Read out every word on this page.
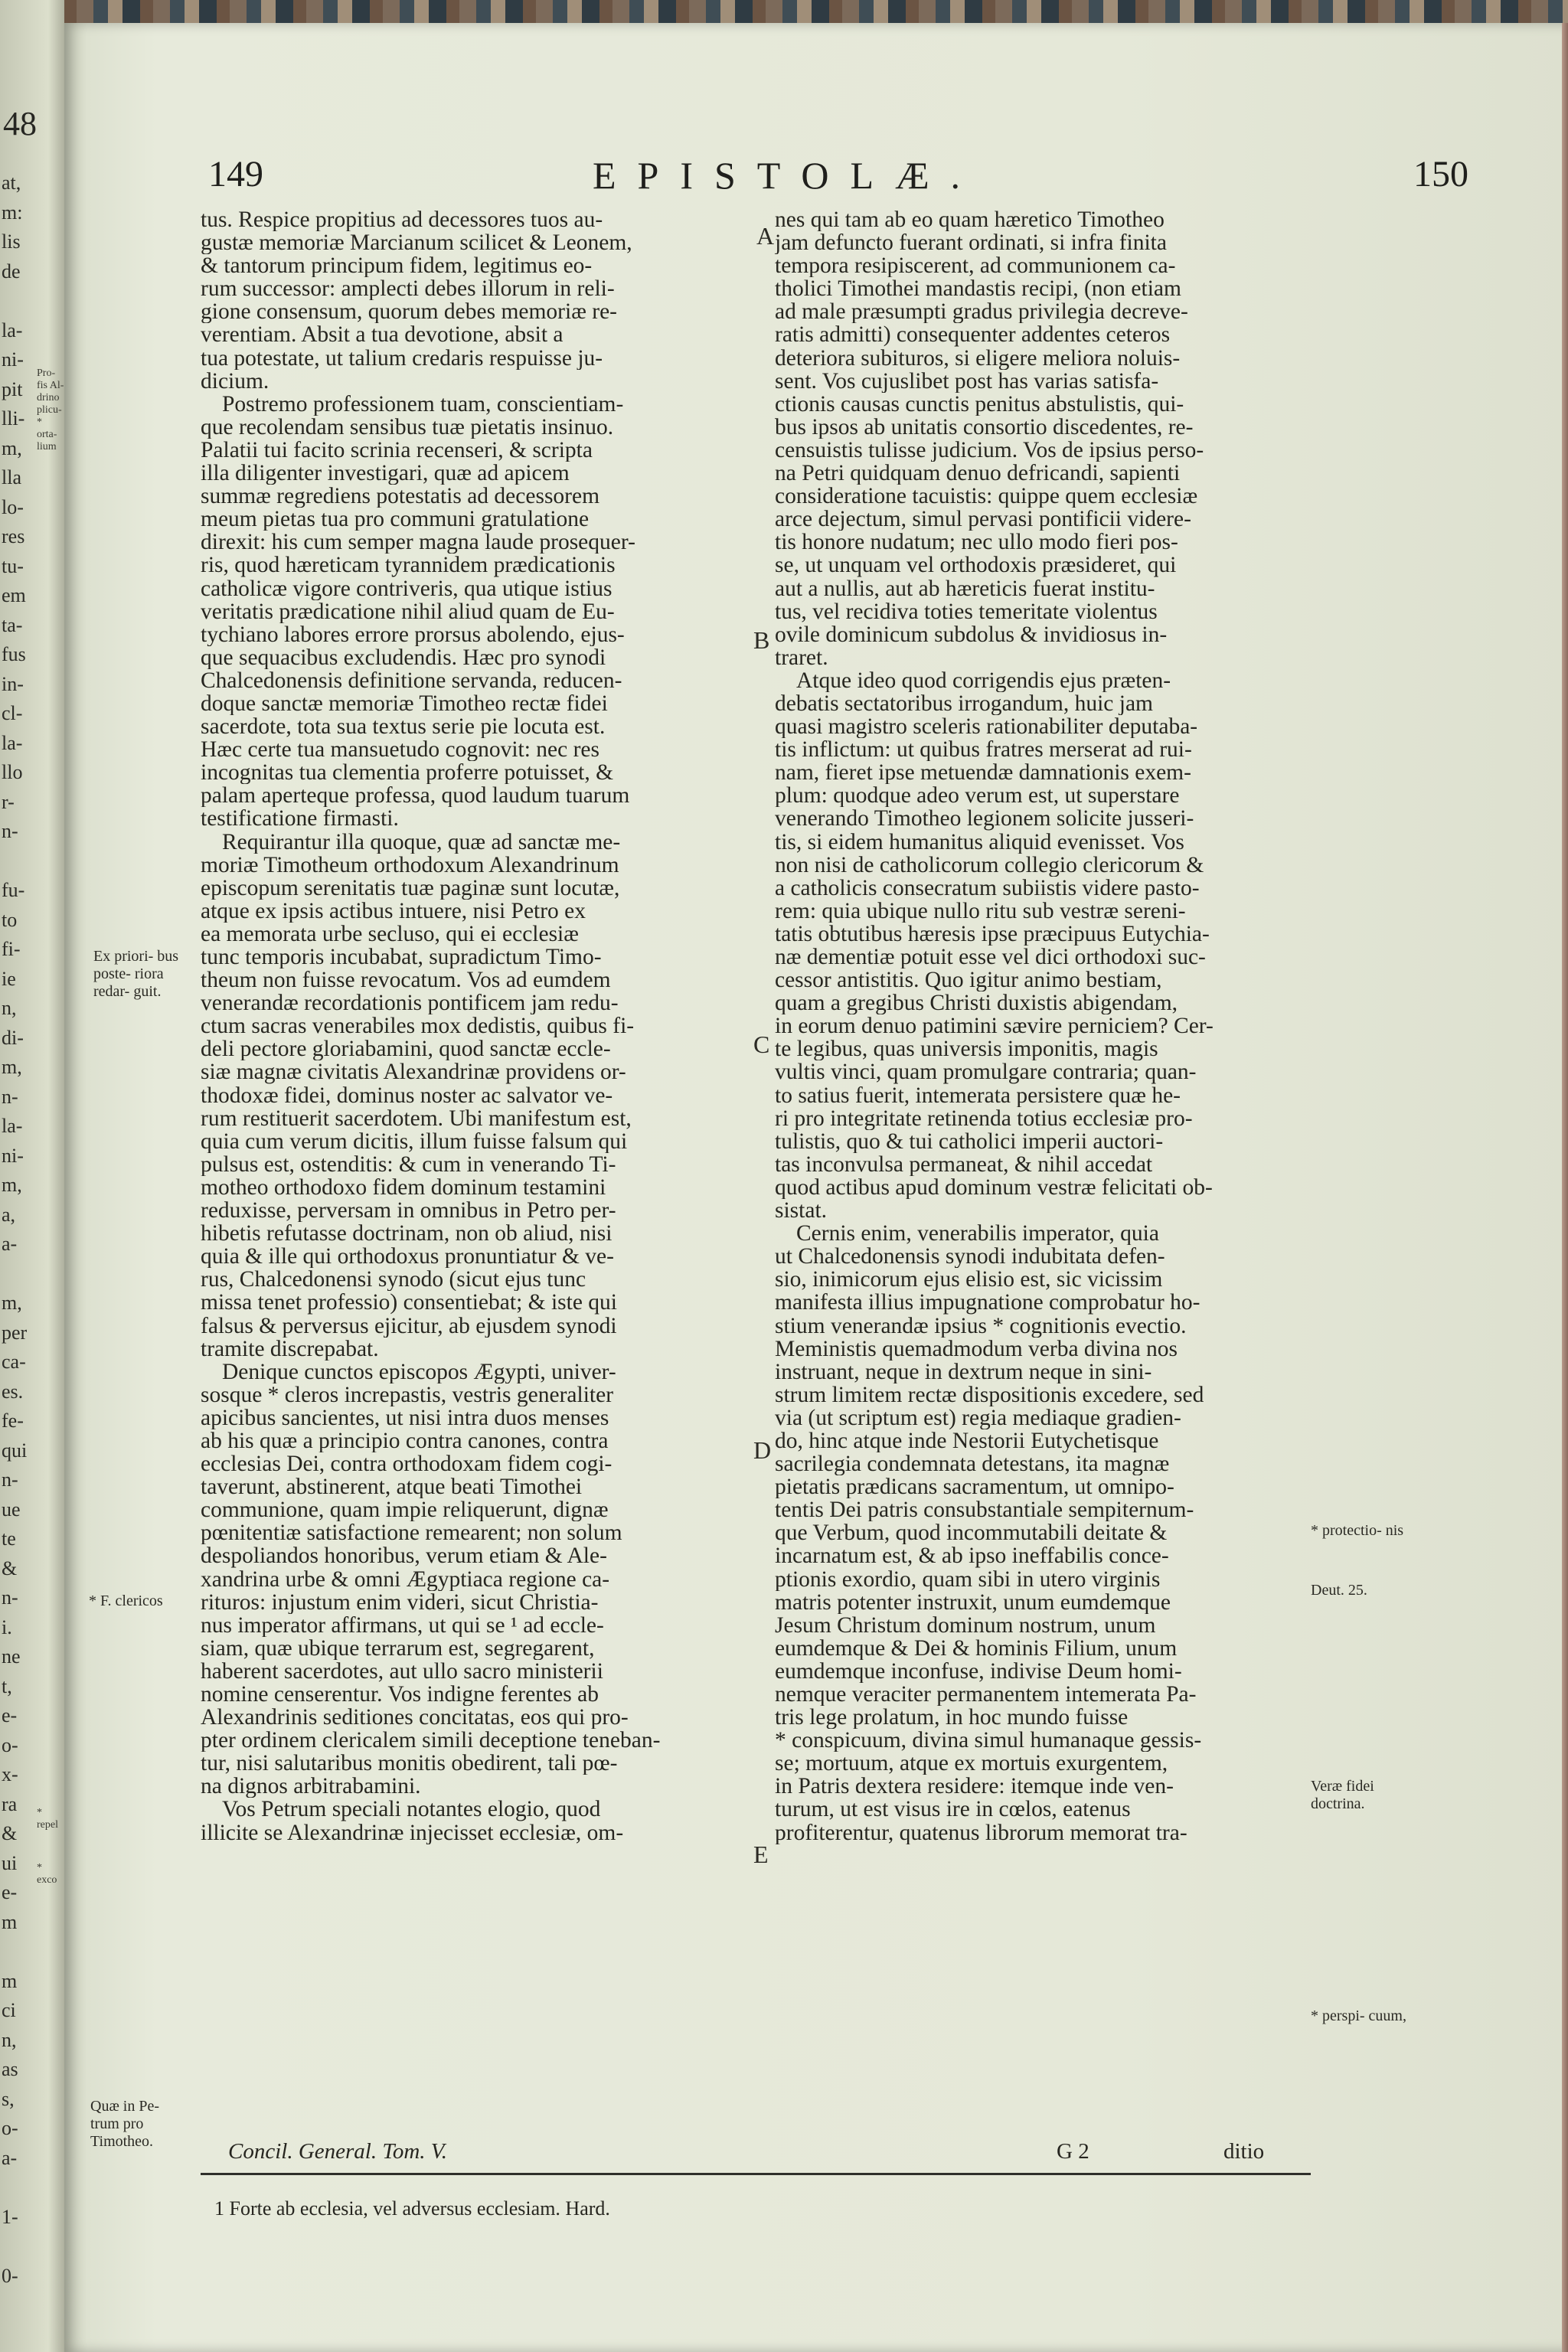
48
at,
m:
lis
de
la-
ni-
pit
lli-
m,
lla
lo-
res
tu-
em
ta-
fus
in-
cl-
la-
llo
r-
n-
fu-
to
fi-
ie
n,
di-
m,
n-
la-
ni-
m,
a,
a-
m,
per
ca-
es.
fe-
qui
n-
ue
te
&
n-
i.
ne
t,
e-
o-
x-
ra
&
ui
e-
m
m
ci
n,
as
s,
o-
a-
1-
0-
Pro- fis Al- drino plicu- * orta- lium
* repel
* exco
149	EPISTOLÆ.	150
tus. Respice propitius ad decessores tuos au-
gustæ memoriæ Marcianum scilicet & Leonem,
& tantorum principum fidem, legitimus eo-
rum successor: amplecti debes illorum in reli-
gione consensum, quorum debes memoriæ re-
verentiam. Absit a tua devotione, absit a
tua potestate, ut talium credaris respuisse ju-
dicium.
Postremo professionem tuam, conscientiam-
que recolendam sensibus tuæ pietatis insinuo.
Palatii tui facito scrinia recenseri, & scripta
illa diligenter investigari, quæ ad apicem
summæ regrediens potestatis ad decessorem
meum pietas tua pro communi gratulatione
direxit: his cum semper magna laude prosequer-
ris, quod hæreticam tyrannidem prædicationis
catholicæ vigore contriveris, qua utique istius
veritatis prædicatione nihil aliud quam de Eu-
tychiano labores errore prorsus abolendo, ejus-
que sequacibus excludendis. Hæc pro synodi
Chalcedonensis definitione servanda, reducen-
doque sanctæ memoriæ Timotheo rectæ fidei
sacerdote, tota sua textus serie pie locuta est.
Hæc certe tua mansuetudo cognovit: nec res
incognitas tua clementia proferre potuisset, &
palam aperteque professa, quod laudum tuarum
testificatione firmasti.
Requirantur illa quoque, quæ ad sanctæ me-
moriæ Timotheum orthodoxum Alexandrinum
episcopum serenitatis tuæ paginæ sunt locutæ,
atque ex ipsis actibus intuere, nisi Petro ex
ea memorata urbe secluso, qui ei ecclesiæ
tunc temporis incubabat, supradictum Timo-
theum non fuisse revocatum. Vos ad eumdem
venerandæ recordationis pontificem jam redu-
ctum sacras venerabiles mox dedistis, quibus fi-
deli pectore gloriabamini, quod sanctæ eccle-
siæ magnæ civitatis Alexandrinæ providens or-
thodoxæ fidei, dominus noster ac salvator ve-
rum restituerit sacerdotem. Ubi manifestum est,
quia cum verum dicitis, illum fuisse falsum qui
pulsus est, ostenditis: & cum in venerando Ti-
motheo orthodoxo fidem dominum testamini
reduxisse, perversam in omnibus in Petro per-
hibetis refutasse doctrinam, non ob aliud, nisi
quia & ille qui orthodoxus pronuntiatur & ve-
rus, Chalcedonensi synodo (sicut ejus tunc
missa tenet professio) consentiebat; & iste qui
falsus & perversus ejicitur, ab ejusdem synodi
tramite discrepabat.
Denique cunctos episcopos Ægypti, univer-
sosque * cleros increpastis, vestris generaliter
apicibus sancientes, ut nisi intra duos menses
ab his quæ a principio contra canones, contra
ecclesias Dei, contra orthodoxam fidem cogi-
taverunt, abstinerent, atque beati Timothei
communione, quam impie reliquerunt, dignæ
pœnitentiæ satisfactione remearent; non solum
despoliandos honoribus, verum etiam & Ale-
xandrina urbe & omni Ægyptiaca regione ca-
rituros: injustum enim videri, sicut Christia-
nus imperator affirmans, ut qui se ¹ ad eccle-
siam, quæ ubique terrarum est, segregarent,
haberent sacerdotes, aut ullo sacro ministerii
nomine censerentur. Vos indigne ferentes ab
Alexandrinis seditiones concitatas, eos qui pro-
pter ordinem clericalem simili deceptione teneban-
tur, nisi salutaribus monitis obedirent, tali pœ-
na dignos arbitrabamini.
Vos Petrum speciali notantes elogio, quod
illicite se Alexandrinæ injecisset ecclesiæ, om-
nes qui tam ab eo quam hæretico Timotheo
jam defuncto fuerant ordinati, si infra finita
tempora resipiscerent, ad communionem ca-
tholici Timothei mandastis recipi, (non etiam
ad male præsumpti gradus privilegia decreve-
ratis admitti) consequenter addentes ceteros
deteriora subituros, si eligere meliora noluis-
sent. Vos cujuslibet post has varias satisfa-
ctionis causas cunctis penitus abstulistis, qui-
bus ipsos ab unitatis consortio discedentes, re-
censuistis tulisse judicium. Vos de ipsius perso-
na Petri quidquam denuo defricandi, sapienti
consideratione tacuistis: quippe quem ecclesiæ
arce dejectum, simul pervasi pontificii videre-
tis honore nudatum; nec ullo modo fieri pos-
se, ut unquam vel orthodoxis præsideret, qui
aut a nullis, aut ab hæreticis fuerat institu-
tus, vel recidiva toties temeritate violentus
ovile dominicum subdolus & invidiosus in-
traret.
Atque ideo quod corrigendis ejus præten-
debatis sectatoribus irrogandum, huic jam
quasi magistro sceleris rationabiliter deputaba-
tis inflictum: ut quibus fratres merserat ad rui-
nam, fieret ipse metuendæ damnationis exem-
plum: quodque adeo verum est, ut superstare
venerando Timotheo legionem solicite jusseri-
tis, si eidem humanitus aliquid evenisset. Vos
non nisi de catholicorum collegio clericorum &
a catholicis consecratum subiistis videre pasto-
rem: quia ubique nullo ritu sub vestræ sereni-
tatis obtutibus hæresis ipse præcipuus Eutychia-
næ dementiæ potuit esse vel dici orthodoxi suc-
cessor antistitis. Quo igitur animo bestiam,
quam a gregibus Christi duxistis abigendam,
in eorum denuo patimini sævire perniciem? Cer-
te legibus, quas universis imponitis, magis
vultis vinci, quam promulgare contraria; quan-
to satius fuerit, intemerata persistere quæ he-
ri pro integritate retinenda totius ecclesiæ pro-
tulistis, quo & tui catholici imperii auctori-
tas inconvulsa permaneat, & nihil accedat
quod actibus apud dominum vestræ felicitati ob-
sistat.
Cernis enim, venerabilis imperator, quia
ut Chalcedonensis synodi indubitata defen-
sio, inimicorum ejus elisio est, sic vicissim
manifesta illius impugnatione comprobatur ho-
stium venerandæ ipsius * cognitionis evectio.
Meministis quemadmodum verba divina nos
instruant, neque in dextrum neque in sini-
strum limitem rectæ dispositionis excedere, sed
via (ut scriptum est) regia mediaque gradien-
do, hinc atque inde Nestorii Eutychetisque
sacrilegia condemnata detestans, ita magnæ
pietatis prædicans sacramentum, ut omnipo-
tentis Dei patris consubstantiale sempiternum-
que Verbum, quod incommutabili deitate &
incarnatum est, & ab ipso ineffabilis conce-
ptionis exordio, quam sibi in utero virginis
matris potenter instruxit, unum eumdemque
Jesum Christum dominum nostrum, unum
eumdemque & Dei & hominis Filium, unum
eumdemque inconfuse, indivise Deum homi-
nemque veraciter permanentem intemerata Pa-
tris lege prolatum, in hoc mundo fuisse
* conspicuum, divina simul humanaque gessis-
se; mortuum, atque ex mortuis exurgentem,
in Patris dextera residere: itemque inde ven-
turum, ut est visus ire in cœlos, eatenus
profiterentur, quatenus librorum memorat tra-
Ex priori- bus poste- riora redar- guit.
* F. clericos
Quæ in Pe- trum pro Timotheo.
* protectio- nis
Deut. 25.
Veræ fidei doctrina.
* perspi- cuum,
A
B
C
D
E
Concil. General. Tom. V.	G 2	ditio
1 Forte ab ecclesia, vel adversus ecclesiam. Hard.
